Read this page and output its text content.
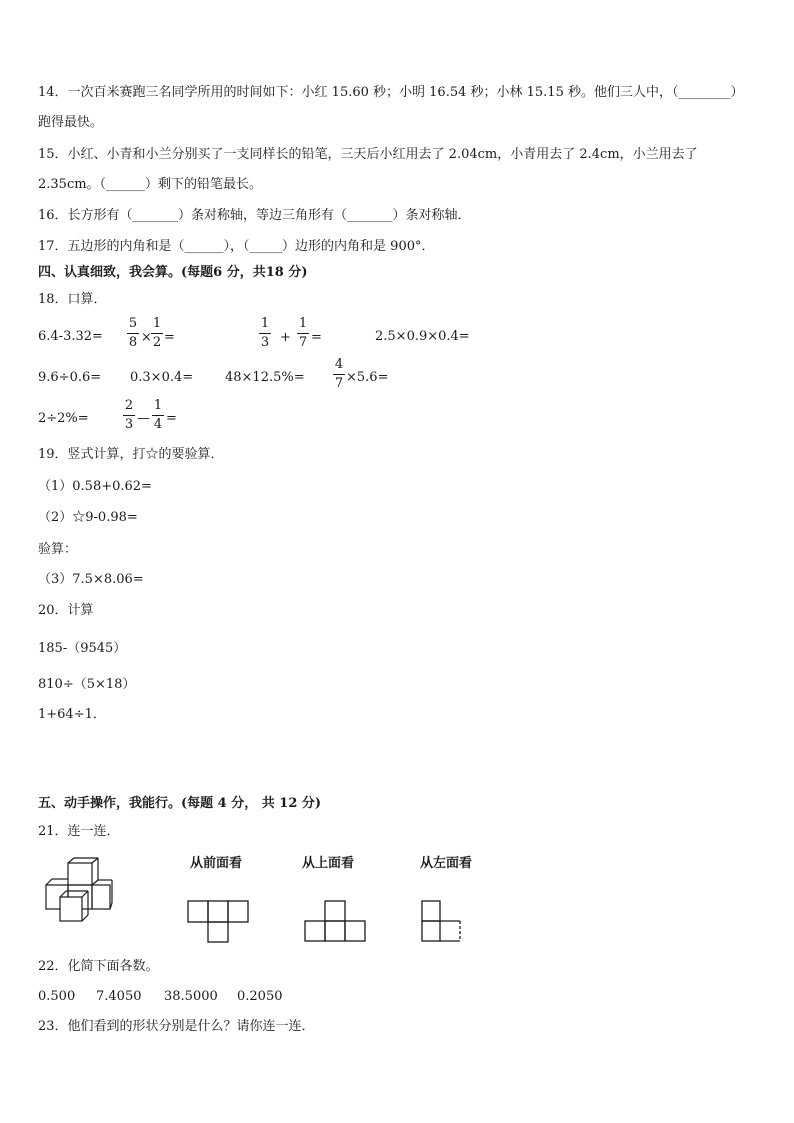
14．一次百米赛跑三名同学所用的时间如下：小红 15.60 秒；小明 16.54 秒；小林 15.15 秒。他们三人中，（________）
跑得最快。
15．小红、小青和小兰分别买了一支同样长的铅笔，三天后小红用去了 2.04cm，小青用去了 2.4cm，小兰用去了
2.35cm。（______）剩下的铅笔最长。
16．长方形有（_______）条对称轴，等边三角形有（_______）条对称轴．
17．五边形的内角和是（______），（_____）边形的内角和是 900°．
四、认真细致，我会算。(每题6 分，共18 分)
18．口算．
6.4-3.32=
5
8 ×
1
2 =
1
3 +
1
7 =	2.5×0.9×0.4=
9.6÷0.6= 0.3×0.4= 48×12.5%=
4
7 ×5.6=
2÷2%=
2
3 —
1
4 =
19．竖式计算，打☆的要验算．
（1）0.58+0.62=
（2）☆9-0.98=
验算：
（3）7.5×8.06=
20．计算
185-（9545）
810÷（5×18）
1+64÷1．
五、动手操作，我能行。(每题 4 分， 共 12 分)
21．连一连．
从前面看	从上面看	从左面看
22．化简下面各数。
0.500 7.4050 38.5000 0.2050
23．他们看到的形状分别是什么？请你连一连．
